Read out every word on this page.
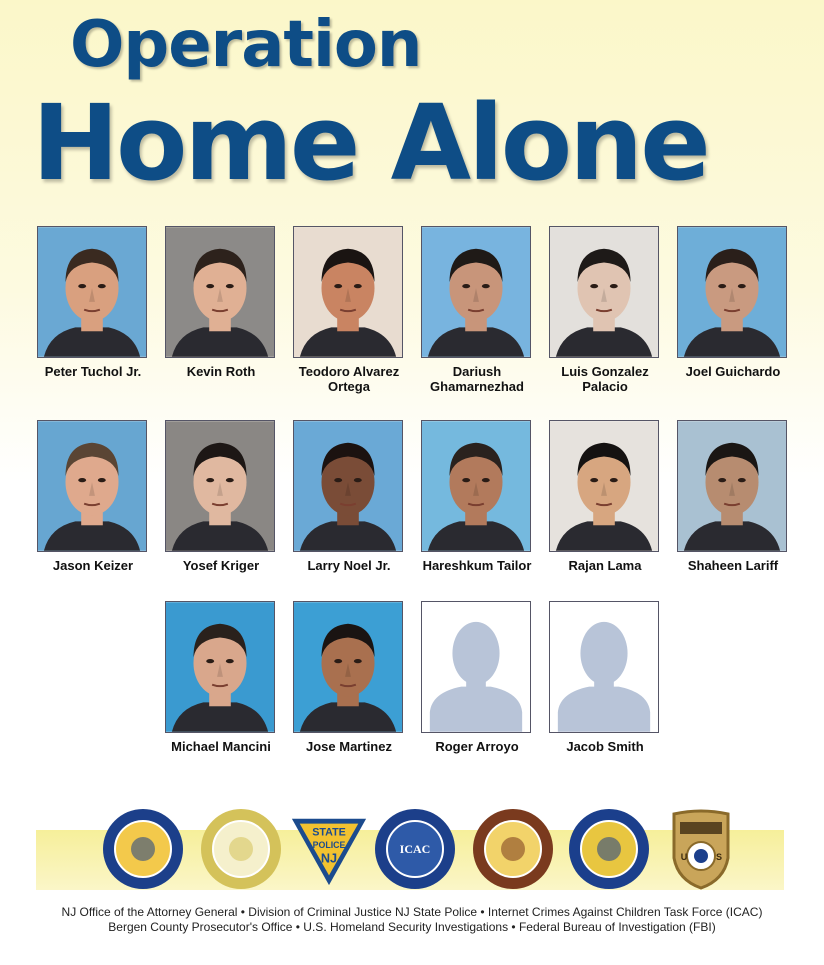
Operation
Home Alone
Peter Tuchol Jr.	Kevin Roth	Teodoro Alvarez
Ortega
Dariush
Ghamarnezhad
Luis Gonzalez
Palacio
Joel Guichardo
Jason Keizer	Yosef Kriger	Larry Noel Jr.	Hareshkum Tailor	Rajan Lama	Shaheen Lariff
Michael Mancini	Jose Martinez	Roger Arroyo	Jacob Smith
STATE
POLICE
NJ
ICAC
U	S
NJ Office of the Attorney General • Division of Criminal Justice NJ State Police • Internet Crimes Against Children Task Force (ICAC)
Bergen County Prosecutor's Office • U.S. Homeland Security Investigations • Federal Bureau of Investigation (FBI)
